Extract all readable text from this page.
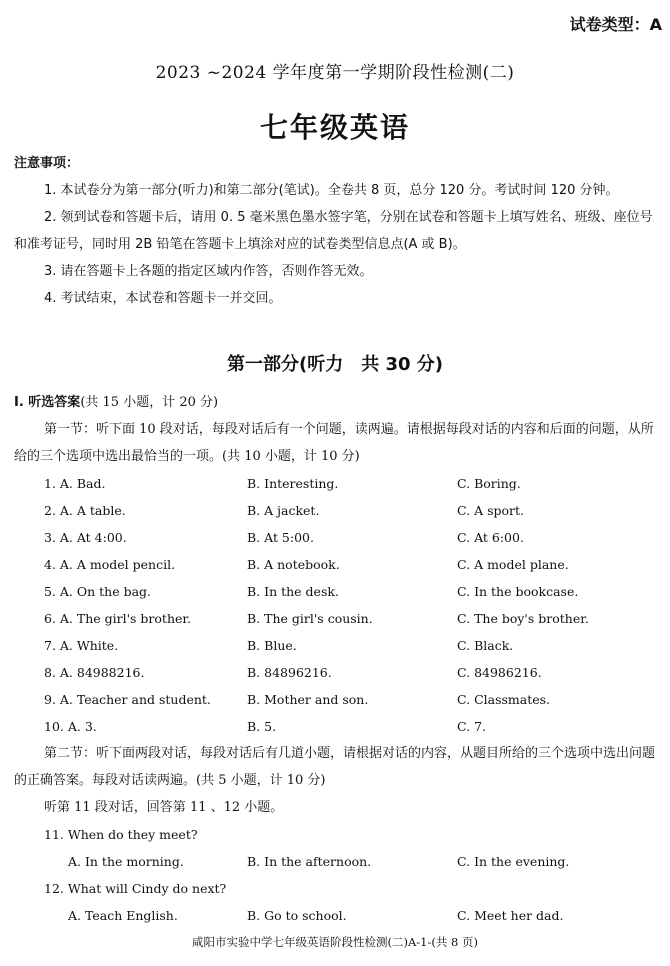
试卷类型：A
2023 ~2024 学年度第一学期阶段性检测(二)
七年级英语

注意事项：

1. 本试卷分为第一部分(听力)和第二部分(笔试)。全卷共 8 页，总分 120 分。考试时间 120 分钟。

2. 领到试卷和答题卡后，请用 0. 5 毫米黑色墨水签字笔，分别在试卷和答题卡上填写姓名、班级、座位号和准考证号，同时用 2B 铅笔在答题卡上填涂对应的试卷类型信息点(A 或 B)。

3. 请在答题卡上各题的指定区域内作答，否则作答无效。

4. 考试结束，本试卷和答题卡一并交回。

第一部分(听力 共 30 分)

Ⅰ. 听选答案(共 15 小题，计 20 分)

第一节：听下面 10 段对话，每段对话后有一个问题，读两遍。请根据每段对话的内容和后面的问题，从所给的三个选项中选出最恰当的一项。(共 10 小题，计 10 分)

1. A. Bad.	B. Interesting.	C. Boring.
2. A. A table.	B. A jacket.	C. A sport.
3. A. At 4:00.	B. At 5:00.	C. At 6:00.
4. A. A model pencil.	B. A notebook.	C. A model plane.
5. A. On the bag.	B. In the desk.	C. In the bookcase.
6. A. The girl's brother.	B. The girl's cousin.	C. The boy's brother.
7. A. White.	B. Blue.	C. Black.
8. A. 84988216.	B. 84896216.	C. 84986216.
9. A. Teacher and student.	B. Mother and son.	C. Classmates.
10. A. 3.	B. 5.	C. 7.

第二节：听下面两段对话，每段对话后有几道小题，请根据对话的内容，从题目所给的三个选项中选出问题的正确答案。每段对话读两遍。(共 5 小题，计 10 分)

听第 11 段对话，回答第 11 、12 小题。

11. When do they meet?
A. In the morning.	B. In the afternoon.	C. In the evening.
12. What will Cindy do next?
A. Teach English.	B. Go to school.	C. Meet her dad.
咸阳市实验中学七年级英语阶段性检测(二)A-1-(共 8 页)
